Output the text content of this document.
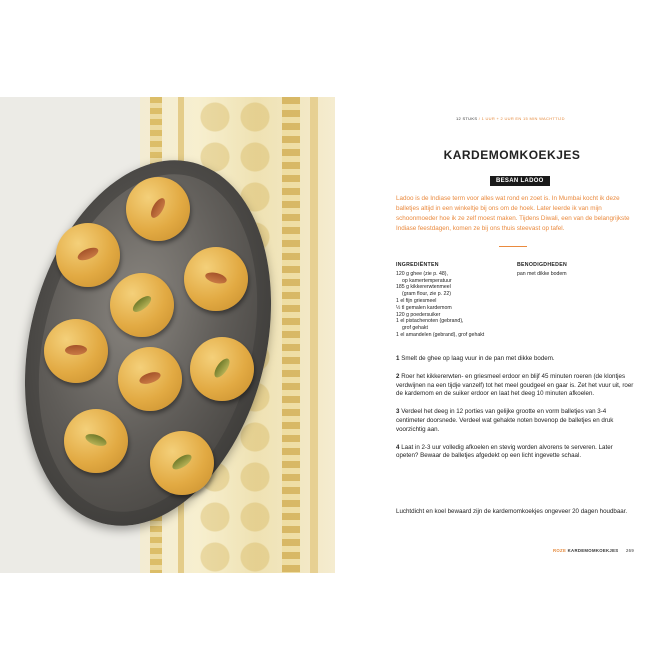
12 STUKS / 1 UUR + 2 UUR EN 15 MIN WACHTTIJD
KARDEMOMKOEKJES
BESAN LADOO

Ladoo is de Indiase term voor alles wat rond en zoet is. In Mumbai kocht ik deze balletjes altijd in een winkeltje bij ons om de hoek. Later leerde ik van mijn schoonmoeder hoe ik ze zelf moest maken. Tijdens Diwali, een van de belangrijkste Indiase feestdagen, komen ze bij ons thuis steevast op tafel.

INGREDIËNTEN
120 g ghee (zie p. 48),
op kamertemperatuur
185 g kikkererwtenmeel
(gram flour, zie p. 22)
1 el fijn griesmeel
½ tl gemalen kardemom
120 g poedersuiker
1 el pistachenoten (gebrand),
grof gehakt
1 el amandelen (gebrand), grof gehakt
BENODIGDHEDEN
pan met dikke bodem

1 Smelt de ghee op laag vuur in de pan met dikke bodem.

2 Roer het kikkererwten- en griesmeel erdoor en blijf 45 minuten roeren (de klontjes verdwijnen na een tijdje vanzelf) tot het meel goudgeel en gaar is. Zet het vuur uit, roer de kardemom en de suiker erdoor en laat het deeg 10 minuten afkoelen.

3 Verdeel het deeg in 12 porties van gelijke grootte en vorm balletjes van 3-4 centimeter doorsnede. Verdeel wat gehakte noten bovenop de balletjes en druk voorzichtig aan.

4 Laat in 2-3 uur volledig afkoelen en stevig worden alvorens te serveren. Later opeten? Bewaar de balletjes afgedekt op een licht ingevette schaal.

Luchtdicht en koel bewaard zijn de kardemomkoekjes ongeveer 20 dagen houdbaar.

ROZE KARDEMOMKOEKJES 269
